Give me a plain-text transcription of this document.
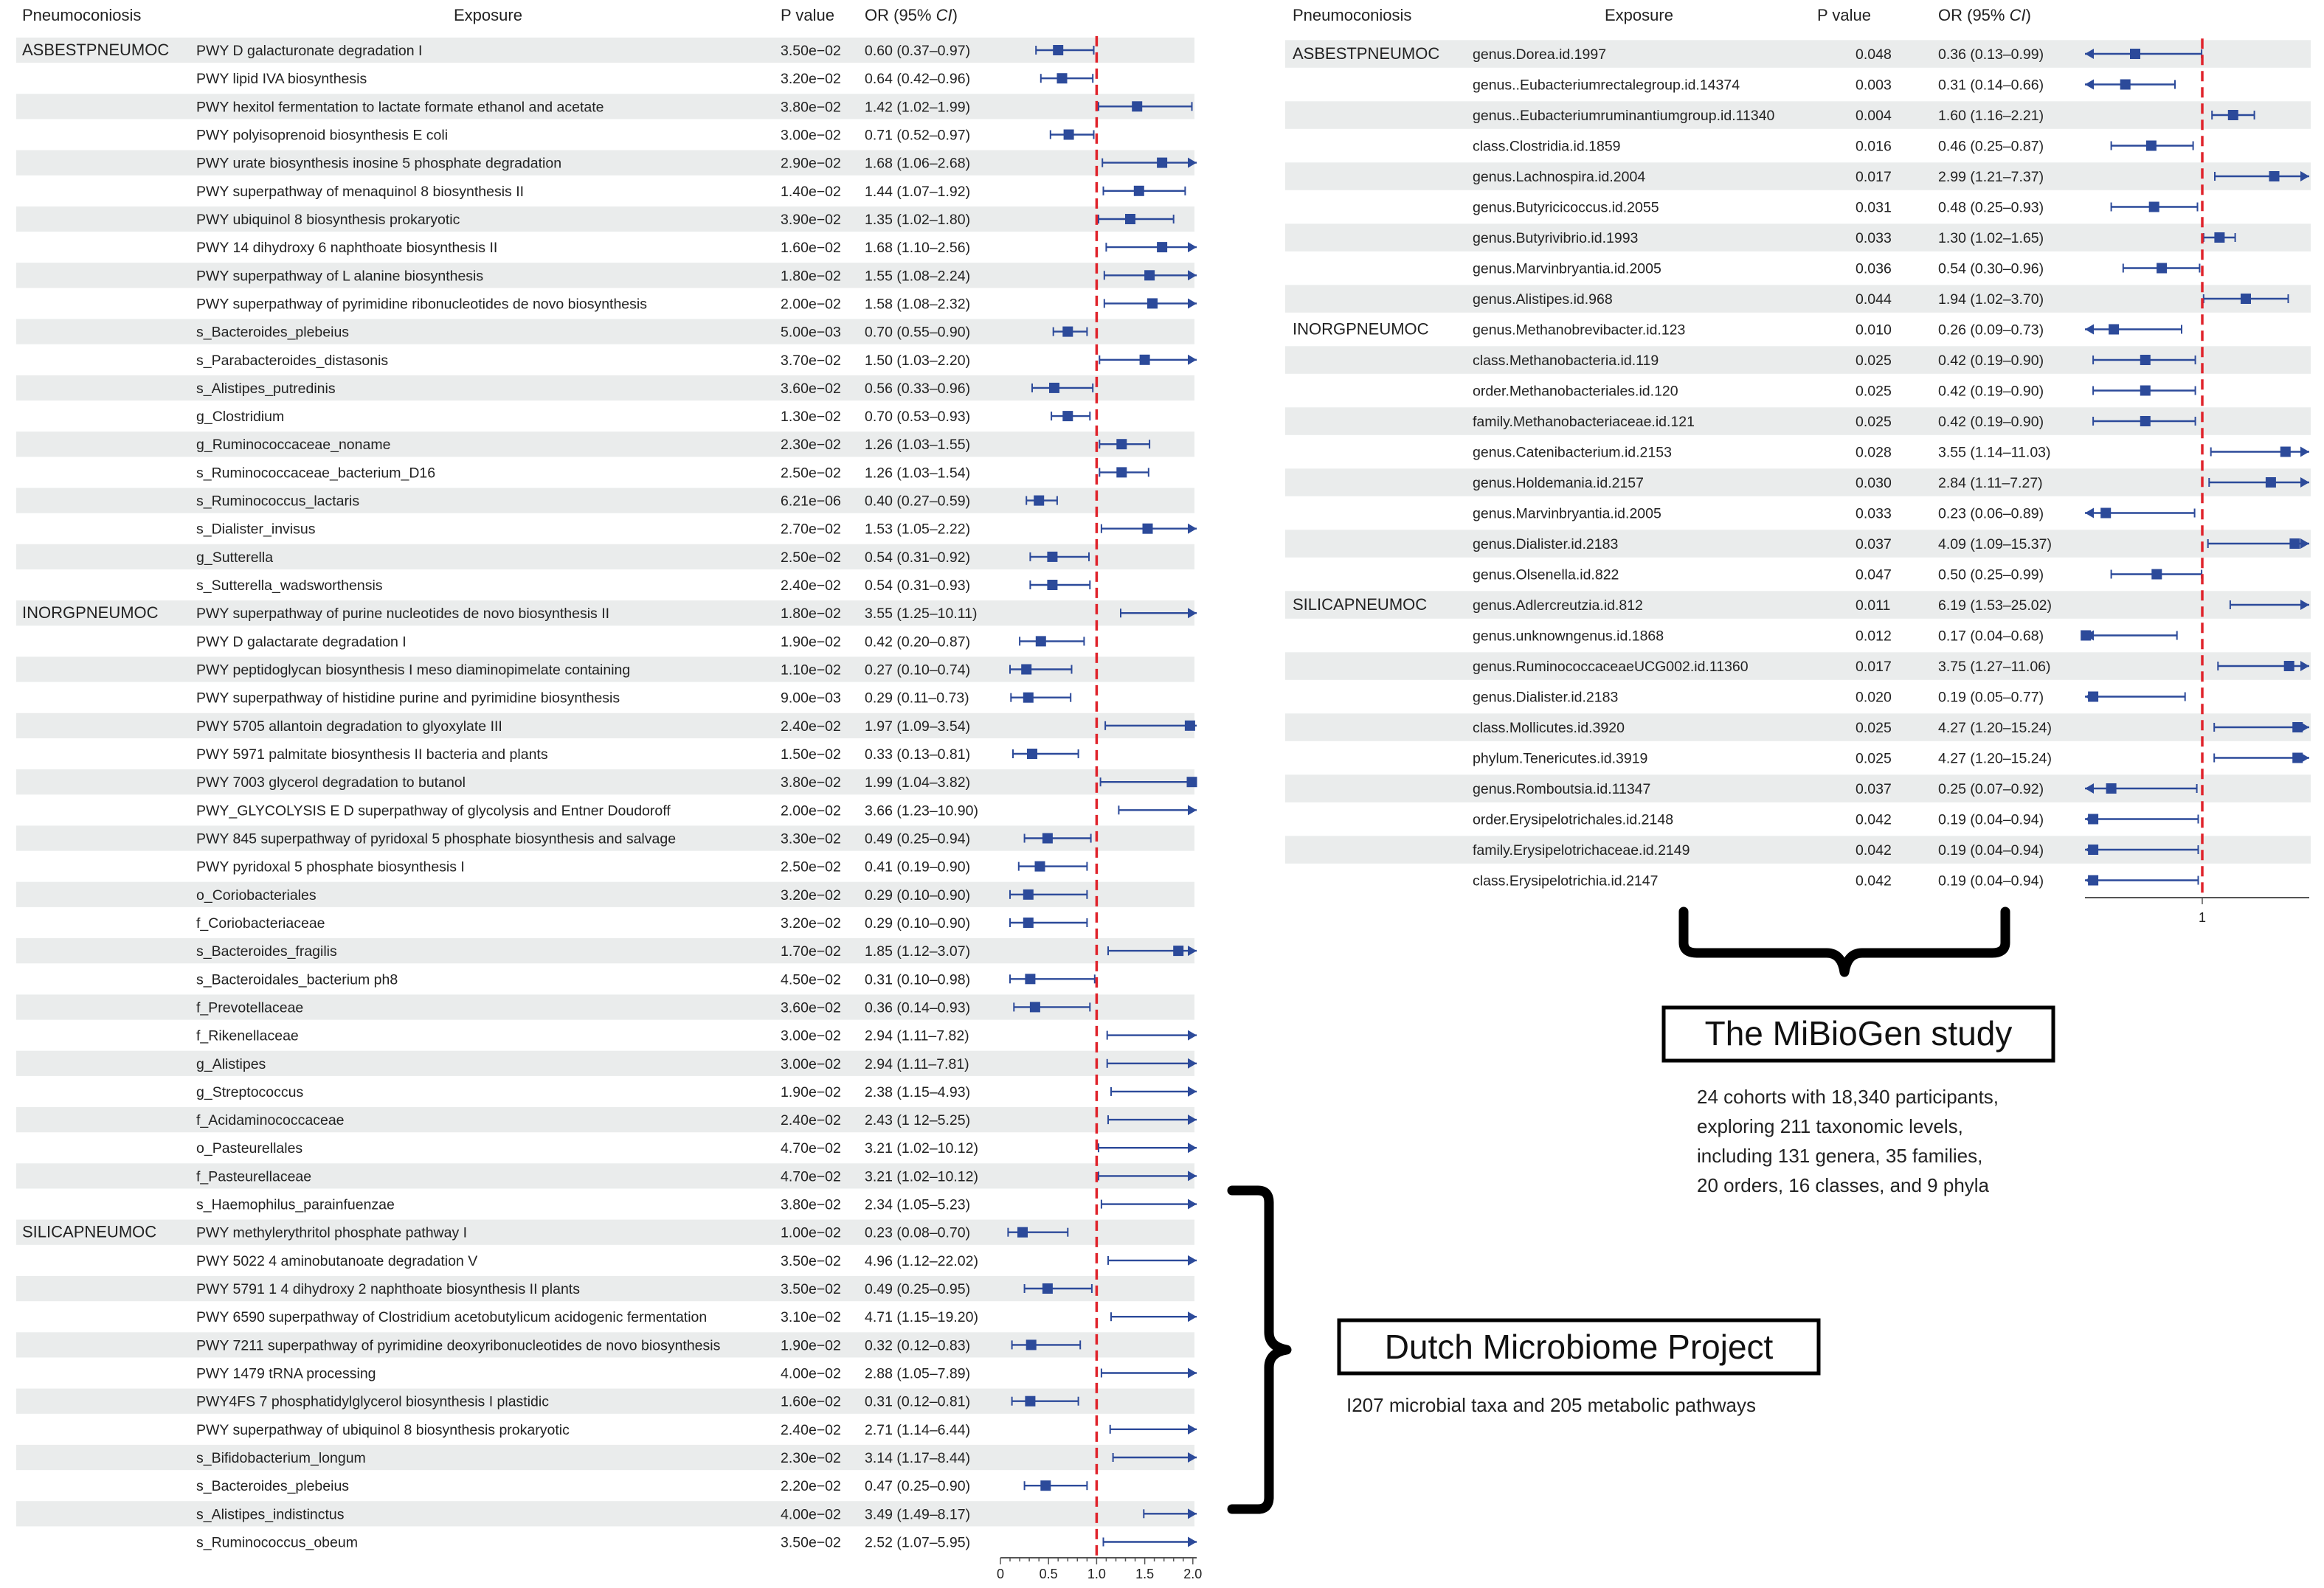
Pneumoconiosis	Exposure	P value OR (95% CI)	Pneumoconiosis	Exposure	P value	OR (95% CI)
ASBESTPNEUMOC PWY D galacturonate degradation I	3.50e−02 0.60 (0.37–0.97)
PWY lipid IVA biosynthesis	3.20e−02 0.64 (0.42–0.96)
PWY hexitol fermentation to lactate formate ethanol and acetate	3.80e−02 1.42 (1.02–1.99)
PWY polyisoprenoid biosynthesis E coli	3.00e−02 0.71 (0.52–0.97)
PWY urate biosynthesis inosine 5 phosphate degradation	2.90e−02 1.68 (1.06–2.68)
PWY superpathway of menaquinol 8 biosynthesis II	1.40e−02 1.44 (1.07–1.92)
PWY ubiquinol 8 biosynthesis prokaryotic	3.90e−02 1.35 (1.02–1.80)
PWY 14 dihydroxy 6 naphthoate biosynthesis II	1.60e−02 1.68 (1.10–2.56)
PWY superpathway of L alanine biosynthesis	1.80e−02 1.55 (1.08–2.24)
PWY superpathway of pyrimidine ribonucleotides de novo biosynthesis	2.00e−02 1.58 (1.08–2.32)
s_Bacteroides_plebeius	5.00e−03 0.70 (0.55–0.90)
s_Parabacteroides_distasonis	3.70e−02 1.50 (1.03–2.20)
s_Alistipes_putredinis	3.60e−02 0.56 (0.33–0.96)
g_Clostridium	1.30e−02 0.70 (0.53–0.93)
g_Ruminococcaceae_noname	2.30e−02 1.26 (1.03–1.55)
s_Ruminococcaceae_bacterium_D16	2.50e−02 1.26 (1.03–1.54)
s_Ruminococcus_lactaris	6.21e−06 0.40 (0.27–0.59)
s_Dialister_invisus	2.70e−02 1.53 (1.05–2.22)
g_Sutterella	2.50e−02 0.54 (0.31–0.92)
s_Sutterella_wadsworthensis	2.40e−02 0.54 (0.31–0.93)
INORGPNEUMOC	PWY superpathway of purine nucleotides de novo biosynthesis II	1.80e−02 3.55 (1.25–10.11)
PWY D galactarate degradation I	1.90e−02 0.42 (0.20–0.87)
PWY peptidoglycan biosynthesis I meso diaminopimelate containing	1.10e−02 0.27 (0.10–0.74)
PWY superpathway of histidine purine and pyrimidine biosynthesis	9.00e−03 0.29 (0.11–0.73)
PWY 5705 allantoin degradation to glyoxylate III	2.40e−02 1.97 (1.09–3.54)
PWY 5971 palmitate biosynthesis II bacteria and plants	1.50e−02 0.33 (0.13–0.81)
PWY 7003 glycerol degradation to butanol	3.80e−02 1.99 (1.04–3.82)
PWY_GLYCOLYSIS E D superpathway of glycolysis and Entner Doudoroff	2.00e−02 3.66 (1.23–10.90)
PWY 845 superpathway of pyridoxal 5 phosphate biosynthesis and salvage	3.30e−02 0.49 (0.25–0.94)
PWY pyridoxal 5 phosphate biosynthesis I	2.50e−02 0.41 (0.19–0.90)
o_Coriobacteriales	3.20e−02 0.29 (0.10–0.90)
f_Coriobacteriaceae	3.20e−02 0.29 (0.10–0.90)
s_Bacteroides_fragilis	1.70e−02 1.85 (1.12–3.07)
s_Bacteroidales_bacterium ph8	4.50e−02 0.31 (0.10–0.98)
f_Prevotellaceae	3.60e−02 0.36 (0.14–0.93)
f_Rikenellaceae	3.00e−02 2.94 (1.11–7.82)
g_Alistipes	3.00e−02 2.94 (1.11–7.81)
g_Streptococcus	1.90e−02 2.38 (1.15–4.93)
f_Acidaminococcaceae	2.40e−02 2.43 (1 12–5.25)
o_Pasteurellales	4.70e−02 3.21 (1.02–10.12)
f_Pasteurellaceae	4.70e−02 3.21 (1.02–10.12)
s_Haemophilus_parainfuenzae	3.80e−02 2.34 (1.05–5.23)
SILICAPNEUMOC	PWY methylerythritol phosphate pathway I	1.00e−02 0.23 (0.08–0.70)
PWY 5022 4 aminobutanoate degradation V	3.50e−02 4.96 (1.12–22.02)
PWY 5791 1 4 dihydroxy 2 naphthoate biosynthesis II plants	3.50e−02 0.49 (0.25–0.95)
PWY 6590 superpathway of Clostridium acetobutylicum acidogenic fermentation	3.10e−02 4.71 (1.15–19.20)
PWY 7211 superpathway of pyrimidine deoxyribonucleotides de novo biosynthesis	1.90e−02 0.32 (0.12–0.83)
PWY 1479 tRNA processing	4.00e−02 2.88 (1.05–7.89)
PWY4FS 7 phosphatidylglycerol biosynthesis I plastidic	1.60e−02 0.31 (0.12–0.81)
PWY superpathway of ubiquinol 8 biosynthesis prokaryotic	2.40e−02 2.71 (1.14–6.44)
s_Bifidobacterium_longum	2.30e−02 3.14 (1.17–8.44)
s_Bacteroides_plebeius	2.20e−02 0.47 (0.25–0.90)
s_Alistipes_indistinctus	4.00e−02 3.49 (1.49–8.17)
s_Ruminococcus_obeum	3.50e−02 2.52 (1.07–5.95)
0	0.5 1.0 1.5 2.0
ASBESTPNEUMOC genus.Dorea.id.1997	0.048	0.36 (0.13–0.99)
genus..Eubacteriumrectalegroup.id.14374	0.003	0.31 (0.14–0.66)
genus..Eubacteriumruminantiumgroup.id.11340	0.004	1.60 (1.16–2.21)
class.Clostridia.id.1859	0.016	0.46 (0.25–0.87)
genus.Lachnospira.id.2004	0.017	2.99 (1.21–7.37)
genus.Butyricicoccus.id.2055	0.031	0.48 (0.25–0.93)
genus.Butyrivibrio.id.1993	0.033	1.30 (1.02–1.65)
genus.Marvinbryantia.id.2005	0.036	0.54 (0.30–0.96)
genus.Alistipes.id.968	0.044	1.94 (1.02–3.70)
INORGPNEUMOC	genus.Methanobrevibacter.id.123	0.010	0.26 (0.09–0.73)
class.Methanobacteria.id.119	0.025	0.42 (0.19–0.90)
order.Methanobacteriales.id.120	0.025	0.42 (0.19–0.90)
family.Methanobacteriaceae.id.121	0.025	0.42 (0.19–0.90)
genus.Catenibacterium.id.2153	0.028	3.55 (1.14–11.03)
genus.Holdemania.id.2157	0.030	2.84 (1.11–7.27)
genus.Marvinbryantia.id.2005	0.033	0.23 (0.06–0.89)
genus.Dialister.id.2183	0.037	4.09 (1.09–15.37)
genus.Olsenella.id.822	0.047	0.50 (0.25–0.99)
SILICAPNEUMOC	genus.Adlercreutzia.id.812	0.011	6.19 (1.53–25.02)
genus.unknowngenus.id.1868	0.012	0.17 (0.04–0.68)
genus.RuminococcaceaeUCG002.id.11360	0.017	3.75 (1.27–11.06)
genus.Dialister.id.2183	0.020	0.19 (0.05–0.77)
class.Mollicutes.id.3920	0.025	4.27 (1.20–15.24)
phylum.Tenericutes.id.3919	0.025	4.27 (1.20–15.24)
genus.Romboutsia.id.11347	0.037	0.25 (0.07–0.92)
order.Erysipelotrichales.id.2148	0.042	0.19 (0.04–0.94)
family.Erysipelotrichaceae.id.2149	0.042	0.19 (0.04–0.94)
class.Erysipelotrichia.id.2147	0.042	0.19 (0.04–0.94)
1
The MiBioGen study
24 cohorts with 18,340 participants,
exploring 211 taxonomic levels,
including 131 genera, 35 families,
20 orders, 16 classes, and 9 phyla
Dutch Microbiome Project
I207 microbial taxa and 205 metabolic pathways
